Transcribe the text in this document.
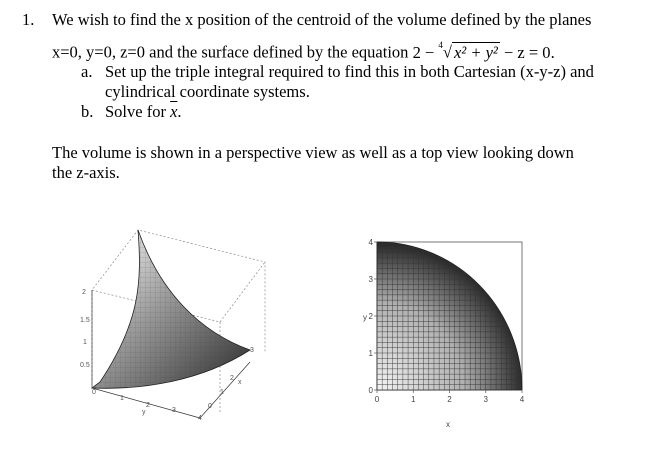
1. We wish to find the x position of the centroid of the volume defined by the planes
x=0, y=0, z=0 and the surface defined by the equation 2 − $^4$√ x² + y² − z = 0.
a. Set up the triple integral required to find this in both Cartesian (x-y-z) and
cylindrical coordinate systems.
b. Solve for $\overline{x}$.
The volume is shown in a perspective view as well as a top view looking down
the z-axis.
2
1.5
1
0.5
0
1
2
3
4
y
3
2
x
1
0
0	1	2	3	4
0
1
2
3
4
x
y
